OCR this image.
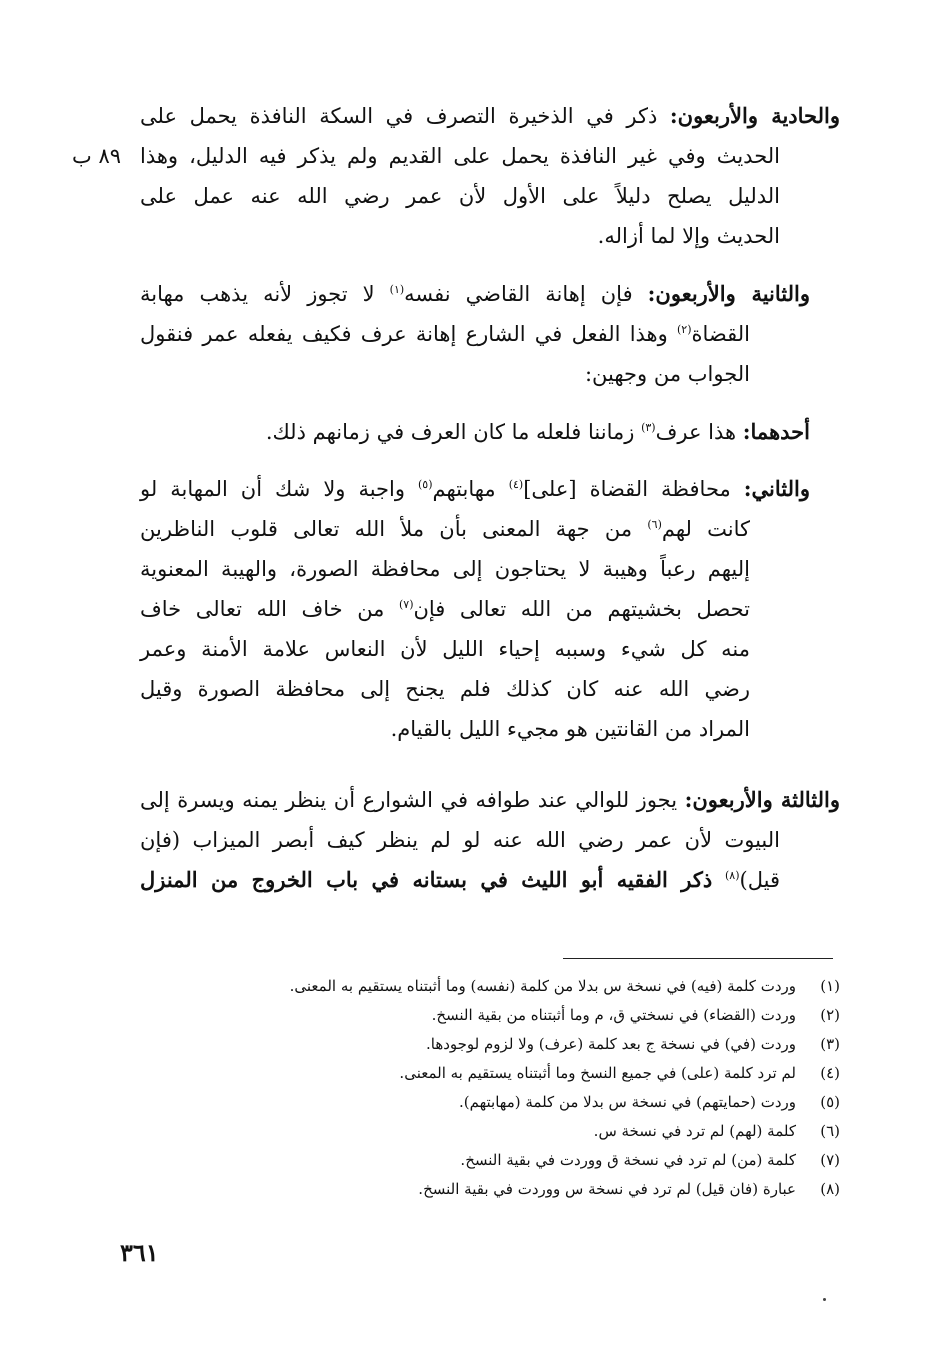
٨٩ ب
والحادية والأربعون: ذكر في الذخيرة التصرف في السكة النافذة يحمل على
الحديث وفي غير النافذة يحمل على القديم ولم يذكر فيه الدليل، وهذا
الدليل يصلح دليلاً على الأول لأن عمر رضي الله عنه عمل على
الحديث وإلا لما أزاله.
والثانية والأربعون: فإن إهانة القاضي نفسه$^{(١)}$ لا تجوز لأنه يذهب مهابة
القضاة$^{(٢)}$ وهذا الفعل في الشارع إهانة عرف فكيف يفعله عمر فنقول
الجواب من وجهين:
أحدهما: هذا عرف$^{(٣)}$ زماننا فلعله ما كان العرف في زمانهم ذلك.
والثاني: محافظة القضاة [على]$^{(٤)}$ مهابتهم$^{(٥)}$ واجبة ولا شك أن المهابة لو
كانت لهم$^{(٦)}$ من جهة المعنى بأن ملأ الله تعالى قلوب الناظرين
إليهم رعباً وهيبة لا يحتاجون إلى محافظة الصورة، والهيبة المعنوية
تحصل بخشيتهم من الله تعالى فإن$^{(٧)}$ من خاف الله تعالى خاف
منه كل شيء وسببه إحياء الليل لأن النعاس علامة الأمنة وعمر
رضي الله عنه كان كذلك فلم يجنح إلى محافظة الصورة وقيل
المراد من القانتين هو مجيء الليل بالقيام.
والثالثة والأربعون: يجوز للوالي عند طوافه في الشوارع أن ينظر يمنه ويسرة إلى
البيوت لأن عمر رضي الله عنه لو لم ينظر كيف أبصر الميزاب (فإن
قيل)$^{(٨)}$ ذكر الفقيه أبو الليث في بستانه في باب الخروج من المنزل
(١)
وردت كلمة (فيه) في نسخة س بدلا من كلمة (نفسه) وما أثبتناه يستقيم به المعنى.
(٢)
وردت (القضاء) في نسختي ق، م وما أثبتناه من بقية النسخ.
(٣)
وردت (في) في نسخة ج بعد كلمة (عرف) ولا لزوم لوجودها.
(٤)
لم ترد كلمة (على) في جميع النسخ وما أثبتناه يستقيم به المعنى.
(٥)
وردت (حمايتهم) في نسخة س بدلا من كلمة (مهابتهم).
(٦)
كلمة (لهم) لم ترد في نسخة س.
(٧)
كلمة (من) لم ترد في نسخة ق ووردت في بقية النسخ.
(٨)
عبارة (فان قيل) لم ترد في نسخة س ووردت في بقية النسخ.
٣٦١
